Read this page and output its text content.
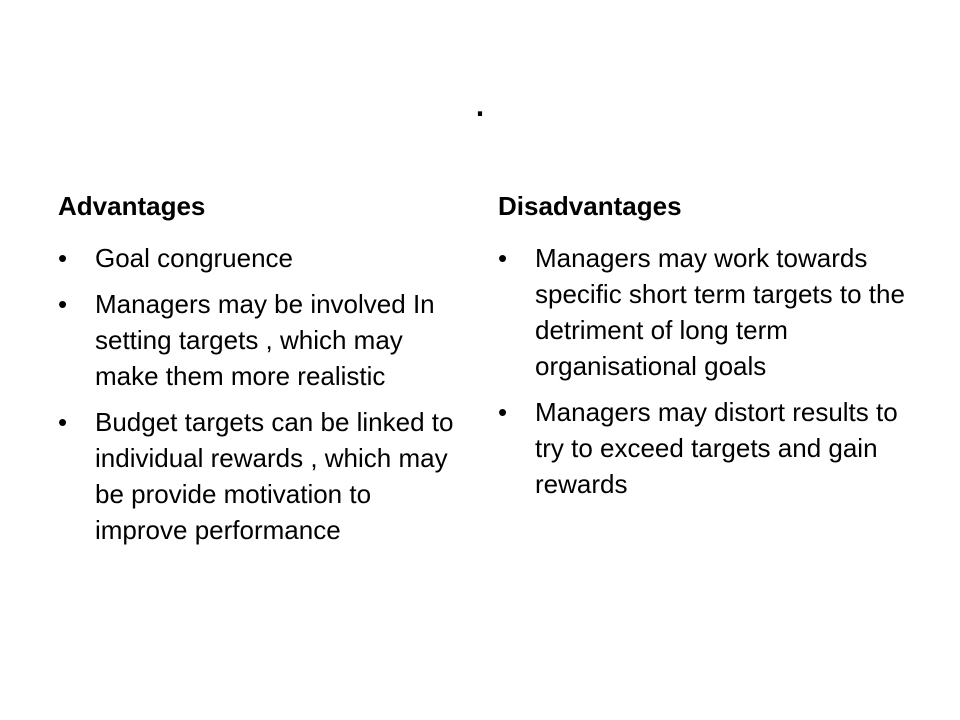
.
Advantages
•	Goal congruence
•	Managers may be involved In setting targets , which may make them more realistic
•	Budget targets can be linked to individual rewards , which may be provide motivation to improve performance
Disadvantages
•	Managers may work towards specific short term targets to the detriment of long term organisational goals
•	Managers may distort results to try to exceed targets and gain rewards
